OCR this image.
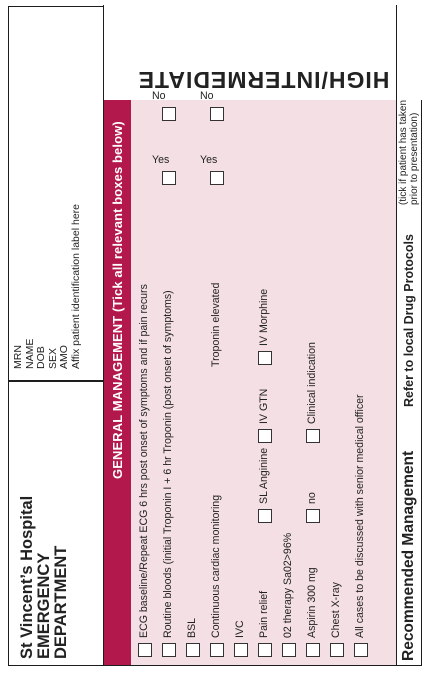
St Vincent’s Hospital EMERGENCY DEPARTMENT
MRN NAME DOB SEX AMO Affix patient identification label here GENERAL MANAGEMENT (Tick all relevant boxes below)
HIGH/INTERMEDIATE
ECG baseline/Repeat ECG 6 hrs post onset of symptoms and if pain recurs Routine bloods (initial Troponin I + 6 hr Troponin (post onset of symptoms)
Yes
No
BSL Continuous cardiac monitoring
Troponin elevated
Yes
No
IVC Pain relief
SL Anginine
IV GTN
IV Morphine
02 therapy Sa02>96% Aspirin 300 mg
no
Clinical indication
Chest X-ray All cases to be discussed with senior medical officer Recommended Management
Refer to local Drug Protocols
(tick if patient has taken prior to presentation)
